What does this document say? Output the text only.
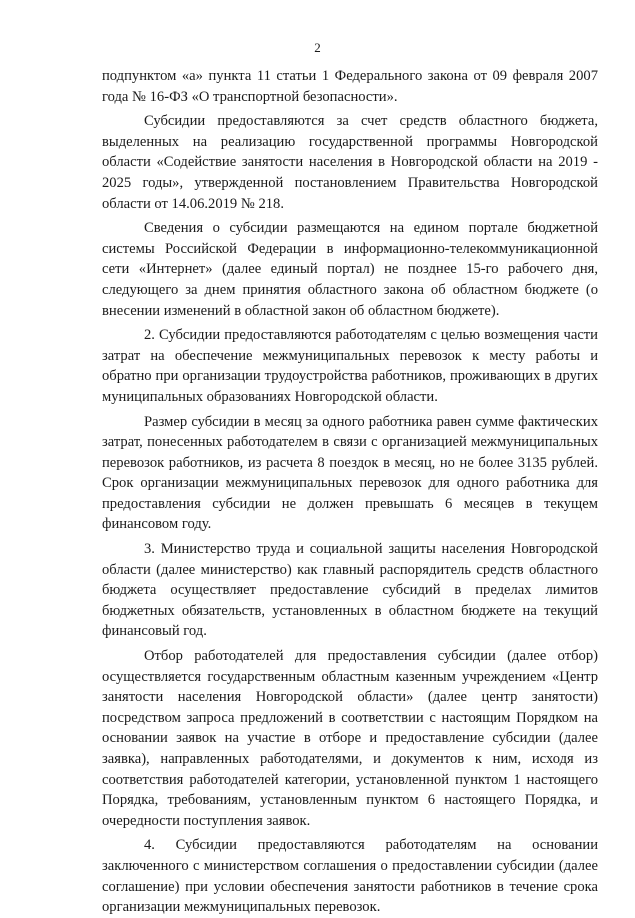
2

подпунктом «а» пункта 11 статьи 1 Федерального закона от 09 февраля 2007 года № 16-ФЗ «О транспортной безопасности».

Субсидии предоставляются за счет средств областного бюджета, выделенных на реализацию государственной программы Новгородской области «Содействие занятости населения в Новгородской области на 2019 - 2025 годы», утвержденной постановлением Правительства Новгородской области от 14.06.2019 № 218.

Сведения о субсидии размещаются на едином портале бюджетной системы Российской Федерации в информационно-телекоммуникационной сети «Интернет» (далее единый портал) не позднее 15-го рабочего дня, следующего за днем принятия областного закона об областном бюджете (о внесении изменений в областной закон об областном бюджете).

2. Субсидии предоставляются работодателям с целью возмещения части затрат на обеспечение межмуниципальных перевозок к месту работы и обратно при организации трудоустройства работников, проживающих в других муниципальных образованиях Новгородской области.

Размер субсидии в месяц за одного работника равен сумме фактических затрат, понесенных работодателем в связи с организацией межмуниципальных перевозок работников, из расчета 8 поездок в месяц, но не более 3135 рублей. Срок организации межмуниципальных перевозок для одного работника для предоставления субсидии не должен превышать 6 месяцев в текущем финансовом году.

3. Министерство труда и социальной защиты населения Новгородской области (далее министерство) как главный распорядитель средств областного бюджета осуществляет предоставление субсидий в пределах лимитов бюджетных обязательств, установленных в областном бюджете на текущий финансовый год.

Отбор работодателей для предоставления субсидии (далее отбор) осуществляется государственным областным казенным учреждением «Центр занятости населения Новгородской области» (далее центр занятости) посредством запроса предложений в соответствии с настоящим Порядком на основании заявок на участие в отборе и предоставление субсидии (далее заявка), направленных работодателями, и документов к ним, исходя из соответствия работодателей категории, установленной пунктом 1 настоящего Порядка, требованиям, установленным пунктом 6 настоящего Порядка, и очередности поступления заявок.

4. Субсидии предоставляются работодателям на основании заключенного с министерством соглашения о предоставлении субсидии (далее соглашение) при условии обеспечения занятости работников в течение срока организации межмуниципальных перевозок.
